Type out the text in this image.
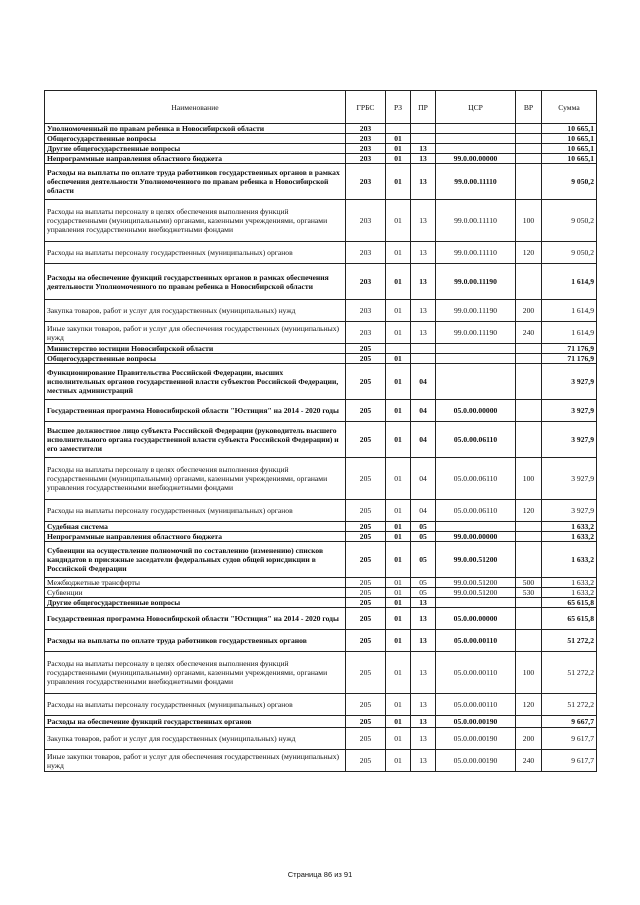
Наименование	ГРБС	РЗ	ПР	ЦСР	ВР	Сумма
Уполномоченный по правам ребенка в Новосибирской области	203					10 665,1
Общегосударственные вопросы	203	01				10 665,1
Другие общегосударственные вопросы	203	01	13			10 665,1
Непрограммные направления областного бюджета	203	01	13	99.0.00.00000		10 665,1
Расходы на выплаты по оплате труда работников государственных органов в рамках обеспечения деятельности Уполномоченного по правам ребенка в Новосибирской области	203	01	13	99.0.00.11110		9 050,2
Расходы на выплаты персоналу в целях обеспечения выполнения функций государственными (муниципальными) органами, казенными учреждениями, органами управления государственными внебюджетными фондами	203	01	13	99.0.00.11110	100	9 050,2
Расходы на выплаты персоналу государственных (муниципальных) органов	203	01	13	99.0.00.11110	120	9 050,2
Расходы на обеспечение функций государственных органов в рамках обеспечения деятельности Уполномоченного по правам ребенка в Новосибирской области	203	01	13	99.0.00.11190		1 614,9
Закупка товаров, работ и услуг для государственных (муниципальных) нужд	203	01	13	99.0.00.11190	200	1 614,9
Иные закупки товаров, работ и услуг для обеспечения государственных (муниципальных) нужд	203	01	13	99.0.00.11190	240	1 614,9
Министерство юстиции Новосибирской области	205					71 176,9
Общегосударственные вопросы	205	01				71 176,9
Функционирование Правительства Российской Федерации, высших исполнительных органов государственной власти субъектов Российской Федерации, местных администраций	205	01	04			3 927,9
Государственная программа Новосибирской области "Юстиция" на 2014 - 2020 годы	205	01	04	05.0.00.00000		3 927,9
Высшее должностное лицо субъекта Российской Федерации (руководитель высшего исполнительного органа государственной власти субъекта Российской Федерации) и его заместители	205	01	04	05.0.00.06110		3 927,9
Расходы на выплаты персоналу в целях обеспечения выполнения функций государственными (муниципальными) органами, казенными учреждениями, органами управления государственными внебюджетными фондами	205	01	04	05.0.00.06110	100	3 927,9
Расходы на выплаты персоналу государственных (муниципальных) органов	205	01	04	05.0.00.06110	120	3 927,9
Судебная система	205	01	05			1 633,2
Непрограммные направления областного бюджета	205	01	05	99.0.00.00000		1 633,2
Субвенции на осуществление полномочий по составлению (изменению) списков кандидатов в присяжные заседатели федеральных судов общей юрисдикции в Российской Федерации	205	01	05	99.0.00.51200		1 633,2
Межбюджетные трансферты	205	01	05	99.0.00.51200	500	1 633,2
Субвенции	205	01	05	99.0.00.51200	530	1 633,2
Другие общегосударственные вопросы	205	01	13			65 615,8
Государственная программа Новосибирской области "Юстиция" на 2014 - 2020 годы	205	01	13	05.0.00.00000		65 615,8
Расходы на выплаты по оплате труда работников государственных органов	205	01	13	05.0.00.00110		51 272,2
Расходы на выплаты персоналу в целях обеспечения выполнения функций государственными (муниципальными) органами, казенными учреждениями, органами управления государственными внебюджетными фондами	205	01	13	05.0.00.00110	100	51 272,2
Расходы на выплаты персоналу государственных (муниципальных) органов	205	01	13	05.0.00.00110	120	51 272,2
Расходы на обеспечение функций государственных органов	205	01	13	05.0.00.00190		9 667,7
Закупка товаров, работ и услуг для государственных (муниципальных) нужд	205	01	13	05.0.00.00190	200	9 617,7
Иные закупки товаров, работ и услуг для обеспечения государственных (муниципальных) нужд	205	01	13	05.0.00.00190	240	9 617,7
Страница 86 из 91
